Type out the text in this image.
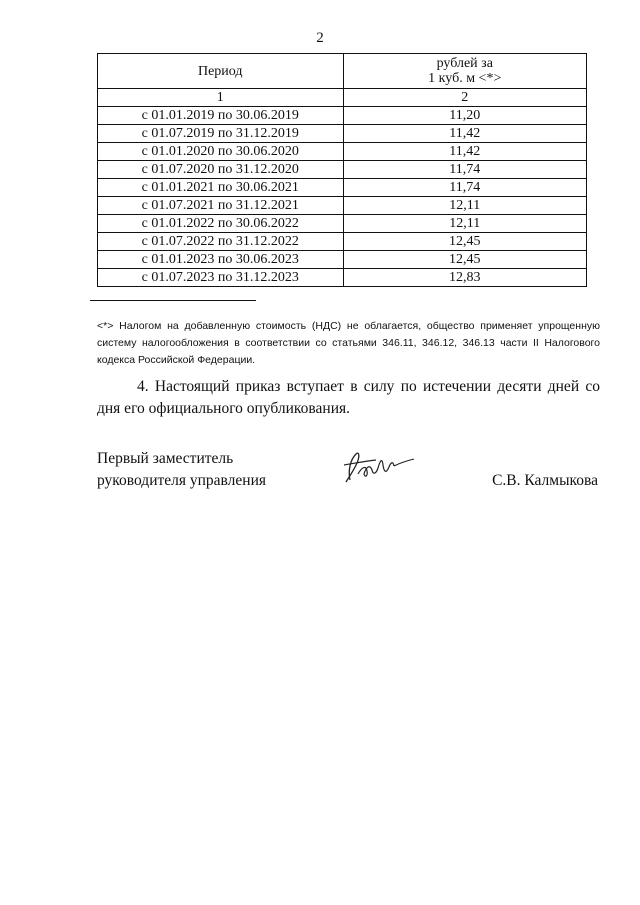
2
Период	рублей за
1 куб. м <*>

1	2
с 01.01.2019 по 30.06.2019	11,20
с 01.07.2019 по 31.12.2019	11,42
с 01.01.2020 по 30.06.2020	11,42
с 01.07.2020 по 31.12.2020	11,74
с 01.01.2021 по 30.06.2021	11,74
с 01.07.2021 по 31.12.2021	12,11
с 01.01.2022 по 30.06.2022	12,11
с 01.07.2022 по 31.12.2022	12,45
с 01.01.2023 по 30.06.2023	12,45
с 01.07.2023 по 31.12.2023	12,83
<*> Налогом на добавленную стоимость (НДС) не облагается, общество применяет упрощенную систему налогообложения в соответствии со статьями 346.11, 346.12, 346.13 части II Налогового кодекса Российской Федерации.
4. Настоящий приказ вступает в силу по истечении десяти дней со дня его официального опубликования.
Первый заместитель
руководителя управления	С.В. Калмыкова
